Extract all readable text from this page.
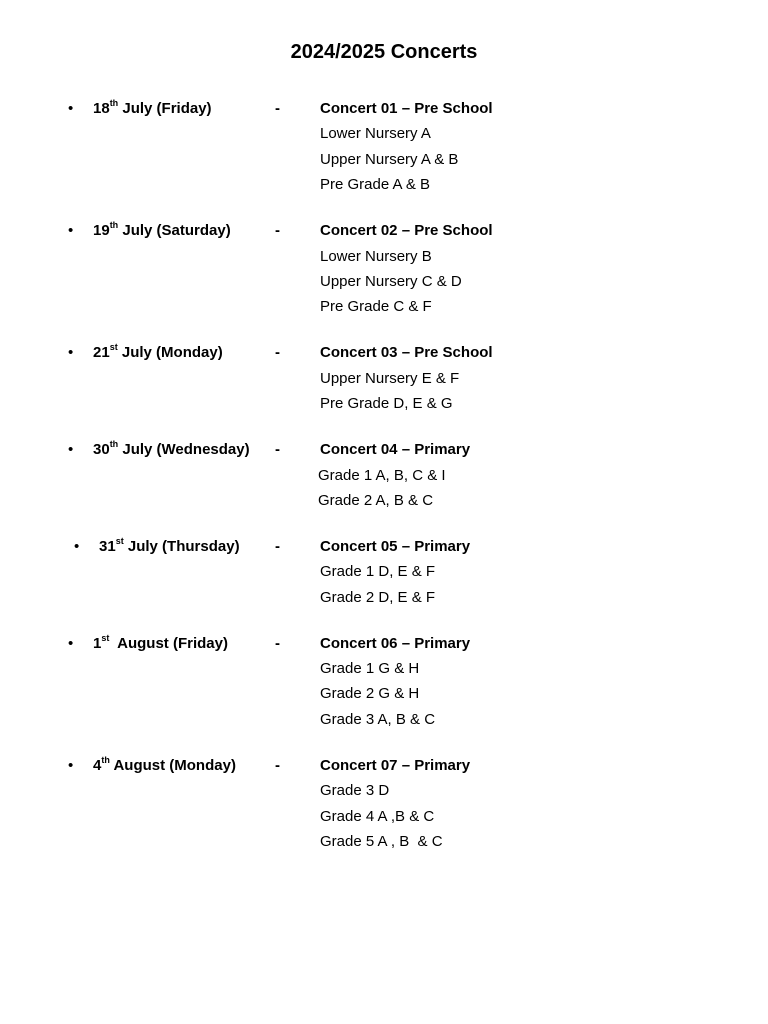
2024/2025 Concerts
• 18th July (Friday)	-	Concert 01 – Pre School
Lower Nursery A
Upper Nursery A & B
Pre Grade A & B
• 19th July (Saturday)	-	Concert 02 – Pre School
Lower Nursery B
Upper Nursery C & D
Pre Grade C & F
• 21st July (Monday)	-	Concert 03 – Pre School
Upper Nursery E & F
Pre Grade D, E & G
• 30th July (Wednesday) -	Concert 04 – Primary
Grade 1 A, B, C & I
Grade 2 A, B & C
• 31st July (Thursday) -	Concert 05 – Primary
Grade 1 D, E & F
Grade 2 D, E & F
• 1st  August (Friday)	-	Concert 06 – Primary
Grade 1 G & H
Grade 2 G & H
Grade 3 A, B & C
• 4th August (Monday)	-	Concert 07 – Primary
Grade 3 D
Grade 4 A ,B & C
Grade 5 A , B  & C
